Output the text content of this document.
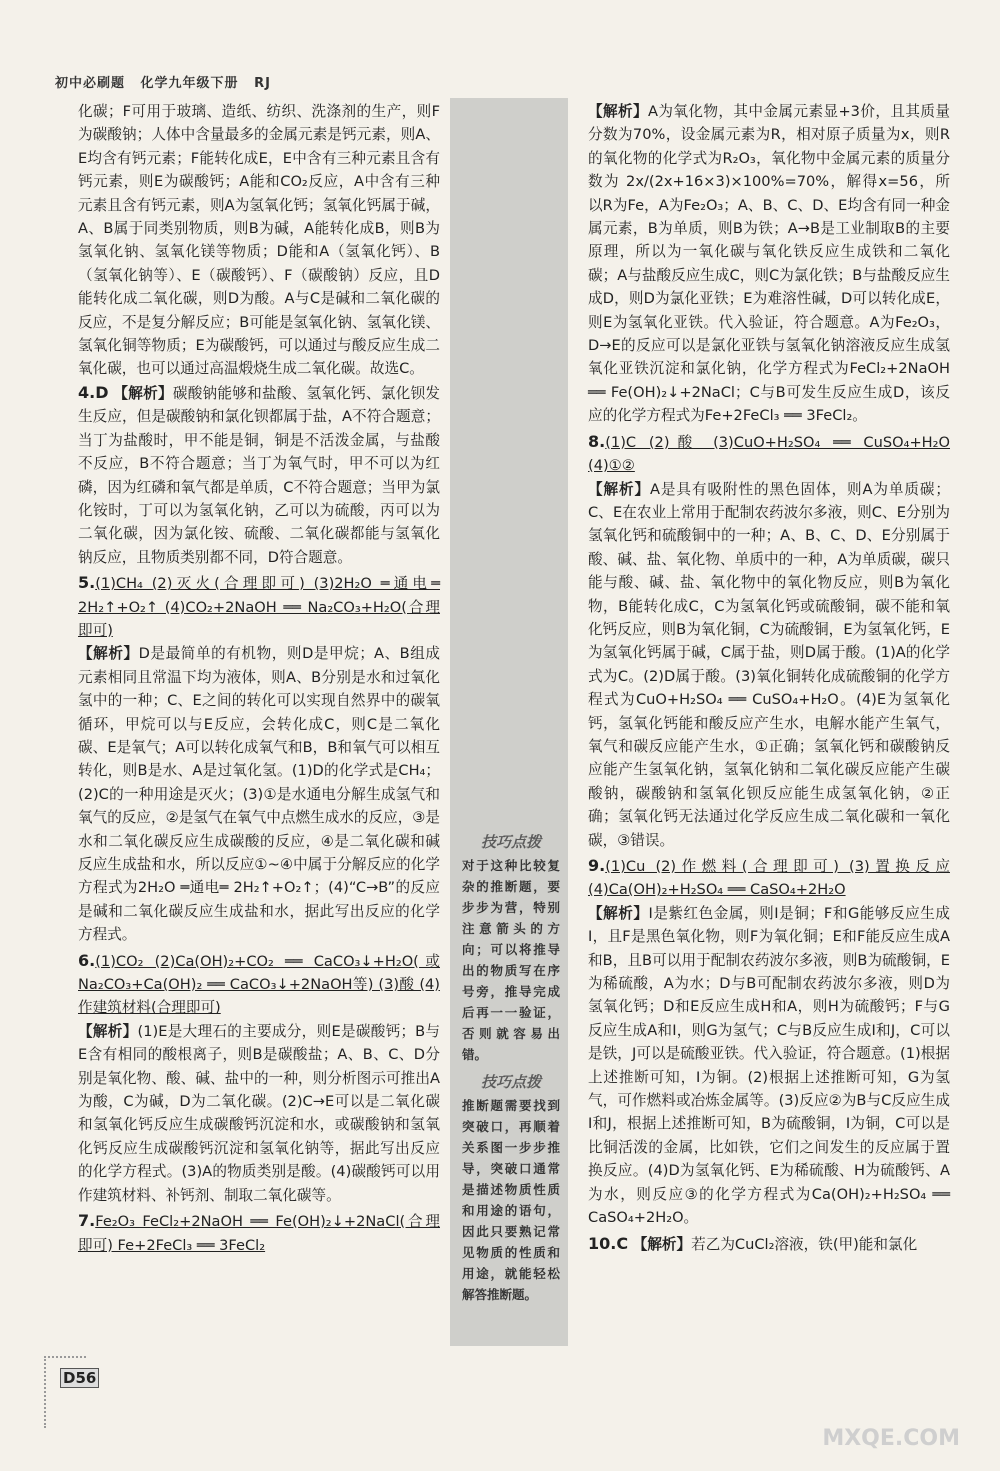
初中必刷题 化学九年级下册 RJ

化碳；F可用于玻璃、造纸、纺织、洗涤剂的生产，则F为碳酸钠；人体中含量最多的金属元素是钙元素，则A、E均含有钙元素；F能转化成E，E中含有三种元素且含有钙元素，则E为碳酸钙；A能和CO₂反应，A中含有三种元素且含有钙元素，则A为氢氧化钙；氢氧化钙属于碱，A、B属于同类别物质，则B为碱，A能转化成B，则B为氢氧化钠、氢氧化镁等物质；D能和A（氢氧化钙）、B（氢氧化钠等）、E（碳酸钙）、F（碳酸钠）反应，且D能转化成二氧化碳，则D为酸。A与C是碱和二氧化碳的反应，不是复分解反应；B可能是氢氧化钠、氢氧化镁、氢氧化铜等物质；E为碳酸钙，可以通过与酸反应生成二氧化碳，也可以通过高温煅烧生成二氧化碳。故选C。

4.D 【解析】碳酸钠能够和盐酸、氢氧化钙、氯化钡发生反应，但是碳酸钠和氯化钡都属于盐，A不符合题意；当丁为盐酸时，甲不能是铜，铜是不活泼金属，与盐酸不反应，B不符合题意；当丁为氧气时，甲不可以为红磷，因为红磷和氧气都是单质，C不符合题意；当甲为氯化铵时，丁可以为氢氧化钠，乙可以为硫酸，丙可以为二氧化碳，因为氯化铵、硫酸、二氧化碳都能与氢氧化钠反应，且物质类别都不同，D符合题意。

5.(1)CH₄ (2)灭火(合理即可) (3)2H₂O ═通电═ 2H₂↑+O₂↑ (4)CO₂+2NaOH ══ Na₂CO₃+H₂O(合理即可)

【解析】D是最简单的有机物，则D是甲烷；A、B组成元素相同且常温下均为液体，则A、B分别是水和过氧化氢中的一种；C、E之间的转化可以实现自然界中的碳氧循环，甲烷可以与E反应，会转化成C，则C是二氧化碳、E是氧气；A可以转化成氧气和B，B和氧气可以相互转化，则B是水、A是过氧化氢。(1)D的化学式是CH₄；(2)C的一种用途是灭火；(3)①是水通电分解生成氢气和氧气的反应，②是氢气在氧气中点燃生成水的反应，③是水和二氧化碳反应生成碳酸的反应，④是二氧化碳和碱反应生成盐和水，所以反应①~④中属于分解反应的化学方程式为2H₂O ═通电═ 2H₂↑+O₂↑；(4)“C→B”的反应是碱和二氧化碳反应生成盐和水，据此写出反应的化学方程式。

6.(1)CO₂ (2)Ca(OH)₂+CO₂ ══ CaCO₃↓+H₂O(或Na₂CO₃+Ca(OH)₂ ══ CaCO₃↓+2NaOH等) (3)酸 (4)作建筑材料(合理即可)

【解析】(1)E是大理石的主要成分，则E是碳酸钙；B与E含有相同的酸根离子，则B是碳酸盐；A、B、C、D分别是氧化物、酸、碱、盐中的一种，则分析图示可推出A为酸，C为碱，D为二氧化碳。(2)C→E可以是二氧化碳和氢氧化钙反应生成碳酸钙沉淀和水，或碳酸钠和氢氧化钙反应生成碳酸钙沉淀和氢氧化钠等，据此写出反应的化学方程式。(3)A的物质类别是酸。(4)碳酸钙可以用作建筑材料、补钙剂、制取二氧化碳等。

7.Fe₂O₃ FeCl₂+2NaOH ══ Fe(OH)₂↓+2NaCl(合理即可) Fe+2FeCl₃ ══ 3FeCl₂

技巧点拨
对于这种比较复杂的推断题，要步步为营，特别注意箭头的方向；可以将推导出的物质写在序号旁，推导完成后再一一验证，否则就容易出错。
技巧点拨
推断题需要找到突破口，再顺着关系图一步步推导，突破口通常是描述物质性质和用途的语句，因此只要熟记常见物质的性质和用途，就能轻松解答推断题。

【解析】A为氧化物，其中金属元素显+3价，且其质量分数为70%，设金属元素为R，相对原子质量为x，则R的氧化物的化学式为R₂O₃，氧化物中金属元素的质量分数为 2x/(2x+16×3)×100%=70%，解得x=56，所以R为Fe，A为Fe₂O₃；A、B、C、D、E均含有同一种金属元素，B为单质，则B为铁；A→B是工业制取B的主要原理，所以为一氧化碳与氧化铁反应生成铁和二氧化碳；A与盐酸反应生成C，则C为氯化铁；B与盐酸反应生成D，则D为氯化亚铁；E为难溶性碱，D可以转化成E，则E为氢氧化亚铁。代入验证，符合题意。A为Fe₂O₃，D→E的反应可以是氯化亚铁与氢氧化钠溶液反应生成氢氧化亚铁沉淀和氯化钠，化学方程式为FeCl₂+2NaOH ══ Fe(OH)₂↓+2NaCl；C与B可发生反应生成D，该反应的化学方程式为Fe+2FeCl₃ ══ 3FeCl₂。

8.(1)C (2)酸 (3)CuO+H₂SO₄ ══ CuSO₄+H₂O (4)①②

【解析】A是具有吸附性的黑色固体，则A为单质碳；C、E在农业上常用于配制农药波尔多液，则C、E分别为氢氧化钙和硫酸铜中的一种；A、B、C、D、E分别属于酸、碱、盐、氧化物、单质中的一种，A为单质碳，碳只能与酸、碱、盐、氧化物中的氧化物反应，则B为氧化物，B能转化成C，C为氢氧化钙或硫酸铜，碳不能和氧化钙反应，则B为氧化铜，C为硫酸铜，E为氢氧化钙，E为氢氧化钙属于碱，C属于盐，则D属于酸。(1)A的化学式为C。(2)D属于酸。(3)氧化铜转化成硫酸铜的化学方程式为CuO+H₂SO₄ ══ CuSO₄+H₂O。(4)E为氢氧化钙，氢氧化钙能和酸反应产生水，电解水能产生氧气，氧气和碳反应能产生水，①正确；氢氧化钙和碳酸钠反应能产生氢氧化钠，氢氧化钠和二氧化碳反应能产生碳酸钠，碳酸钠和氢氧化钡反应能生成氢氧化钠，②正确；氢氧化钙无法通过化学反应生成二氧化碳和一氧化碳，③错误。

9.(1)Cu (2)作燃料(合理即可) (3)置换反应 (4)Ca(OH)₂+H₂SO₄ ══ CaSO₄+2H₂O

【解析】I是紫红色金属，则I是铜；F和G能够反应生成I，且F是黑色氧化物，则F为氧化铜；E和F能反应生成A和B，且B可以用于配制农药波尔多液，则B为硫酸铜，E为稀硫酸，A为水；D与B可配制农药波尔多液，则D为氢氧化钙；D和E反应生成H和A，则H为硫酸钙；F与G反应生成A和I，则G为氢气；C与B反应生成I和J，C可以是铁，J可以是硫酸亚铁。代入验证，符合题意。(1)根据上述推断可知，I为铜。(2)根据上述推断可知，G为氢气，可作燃料或冶炼金属等。(3)反应②为B与C反应生成I和J，根据上述推断可知，B为硫酸铜，I为铜，C可以是比铜活泼的金属，比如铁，它们之间发生的反应属于置换反应。(4)D为氢氧化钙、E为稀硫酸、H为硫酸钙、A为水，则反应③的化学方程式为Ca(OH)₂+H₂SO₄ ══ CaSO₄+2H₂O。

10.C 【解析】若乙为CuCl₂溶液，铁(甲)能和氯化

D56
MXQE.COM
